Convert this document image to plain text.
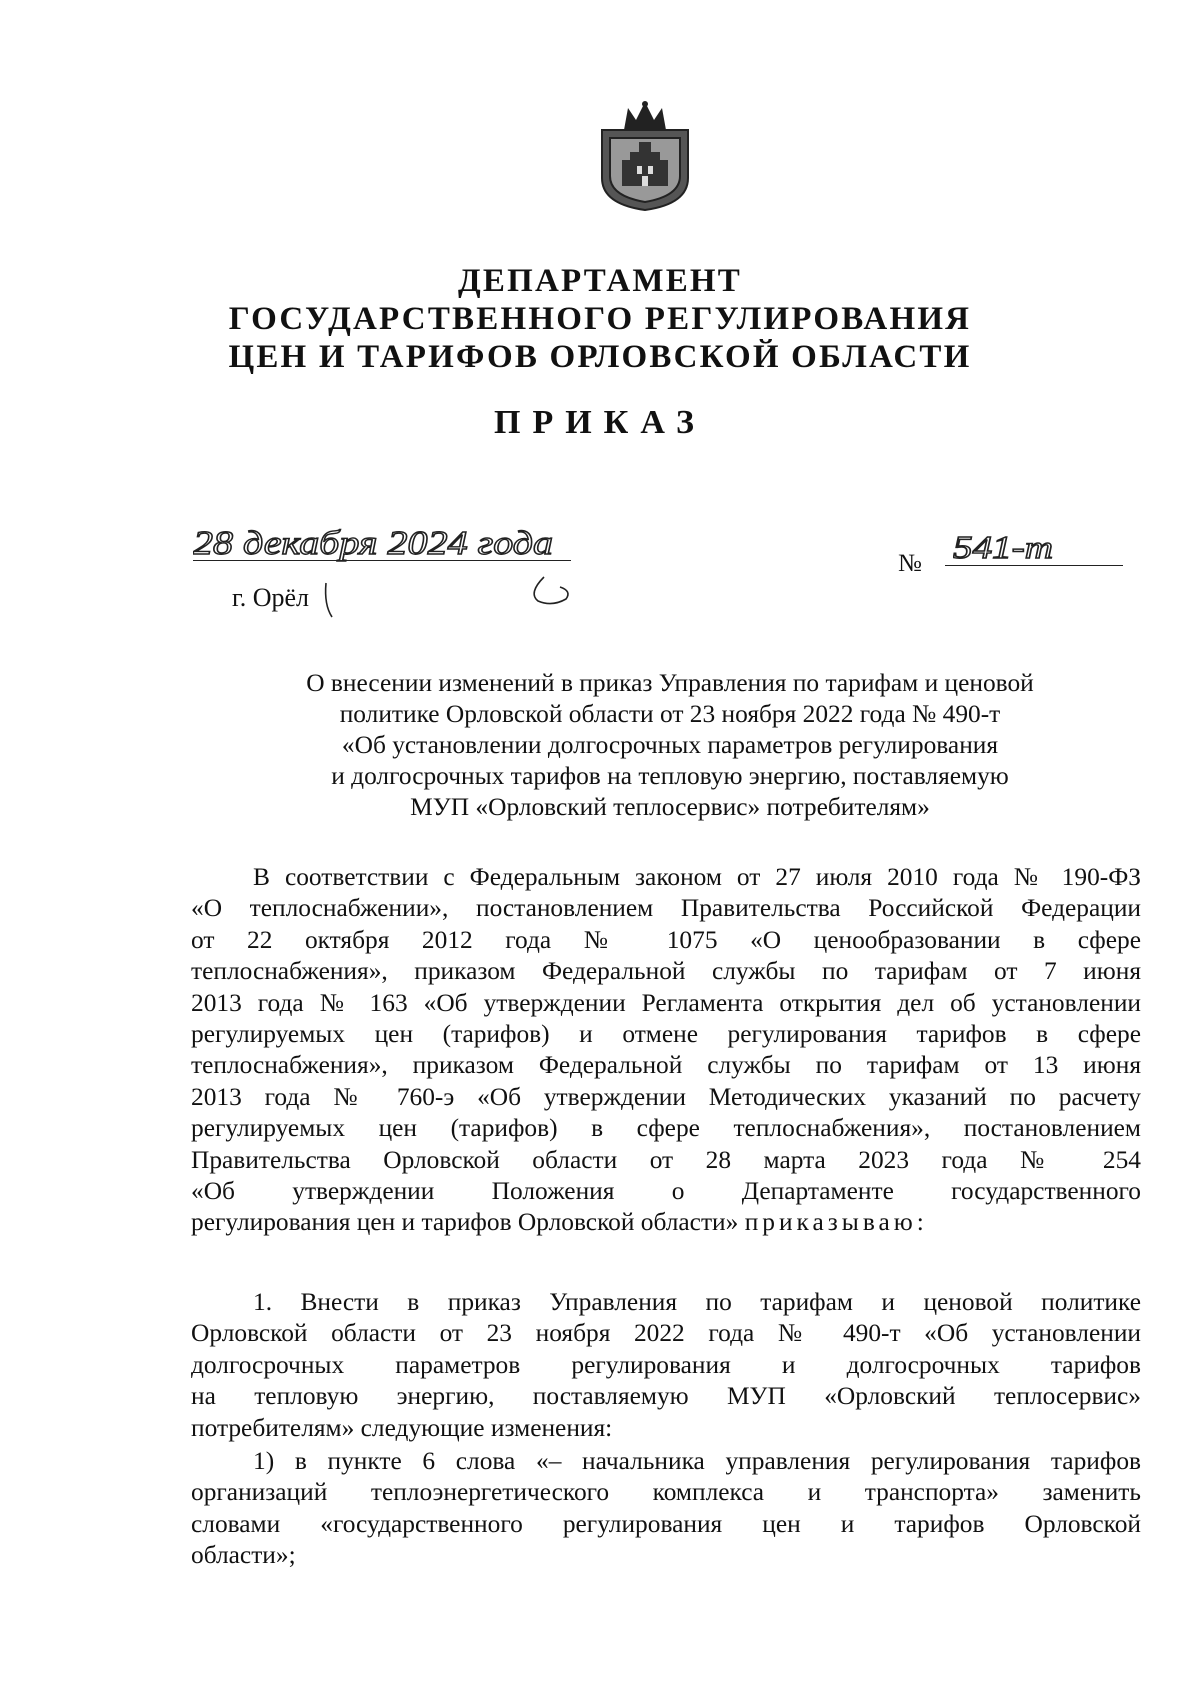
ДЕПАРТАМЕНТ
ГОСУДАРСТВЕННОГО РЕГУЛИРОВАНИЯ
ЦЕН И ТАРИФОВ ОРЛОВСКОЙ ОБЛАСТИ
ПРИКАЗ
28 декабря 2024 года
г. Орёл
№ 541-т
О внесении изменений в приказ Управления по тарифам и ценовой
политике Орловской области от 23 ноября 2022 года № 490-т
«Об установлении долгосрочных параметров регулирования
и долгосрочных тарифов на тепловую энергию, поставляемую
МУП «Орловский теплосервис» потребителям»
В соответствии с Федеральным законом от 27 июля 2010 года № 190-ФЗ
«О теплоснабжении», постановлением Правительства Российской Федерации
от 22 октября 2012 года № 1075 «О ценообразовании в сфере
теплоснабжения», приказом Федеральной службы по тарифам от 7 июня
2013 года № 163 «Об утверждении Регламента открытия дел об установлении
регулируемых цен (тарифов) и отмене регулирования тарифов в сфере
теплоснабжения», приказом Федеральной службы по тарифам от 13 июня
2013 года № 760-э «Об утверждении Методических указаний по расчету
регулируемых цен (тарифов) в сфере теплоснабжения», постановлением
Правительства Орловской области от 28 марта 2023 года № 254
«Об утверждении Положения о Департаменте государственного
регулирования цен и тарифов Орловской области» приказываю:
1. Внести в приказ Управления по тарифам и ценовой политике
Орловской области от 23 ноября 2022 года № 490-т «Об установлении
долгосрочных параметров регулирования и долгосрочных тарифов
на тепловую энергию, поставляемую МУП «Орловский теплосервис»
потребителям» следующие изменения:
1) в пункте 6 слова «– начальника управления регулирования тарифов
организаций теплоэнергетического комплекса и транспорта» заменить
словами «государственного регулирования цен и тарифов Орловской
области»;
